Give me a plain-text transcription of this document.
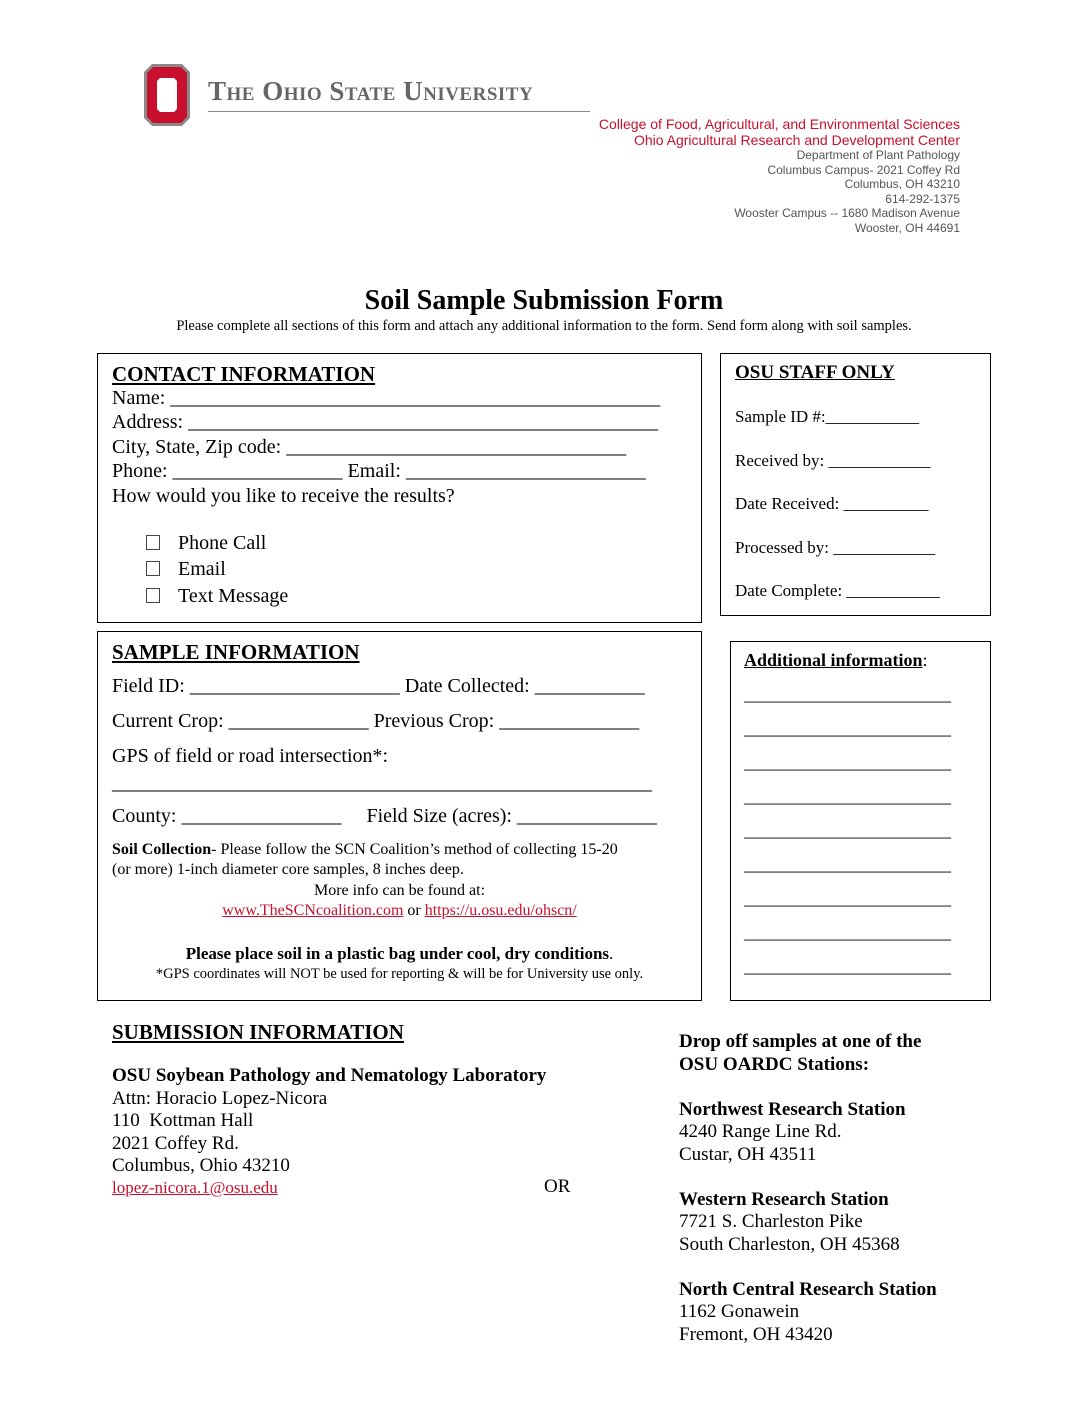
The Ohio State University
College of Food, Agricultural, and Environmental Sciences
Ohio Agricultural Research and Development Center
Department of Plant Pathology
Columbus Campus- 2021 Coffey Rd
Columbus, OH 43210
614-292-1375
Wooster Campus -- 1680 Madison Avenue
Wooster, OH 44691
Soil Sample Submission Form
Please complete all sections of this form and attach any additional information to the form. Send form along with soil samples.
CONTACT INFORMATION
Name: _________________________________________________
Address: _______________________________________________
City, State, Zip code: __________________________________
Phone: _________________ Email: ________________________
How would you like to receive the results?
Phone Call
Email
Text Message
OSU STAFF ONLY
Sample ID #:___________
Received by: ____________
Date Received: __________
Processed by: ____________
Date Complete: ___________
SAMPLE INFORMATION
Field ID: _____________________ Date Collected: ___________
Current Crop: ______________ Previous Crop: ______________
GPS of field or road intersection*:
______________________________________________________
County: ________________     Field Size (acres): ______________
Soil Collection- Please follow the SCN Coalition’s method of collecting 15-20
(or more) 1-inch diameter core samples, 8 inches deep.
More info can be found at:
www.TheSCNcoalition.com or https://u.osu.edu/ohscn/
Please place soil in a plastic bag under cool, dry conditions.
*GPS coordinates will NOT be used for reporting & will be for University use only.
Additional information:
_______________________
_______________________
_______________________
_______________________
_______________________
_______________________
_______________________
_______________________
_______________________
SUBMISSION INFORMATION
OSU Soybean Pathology and Nematology Laboratory
Attn: Horacio Lopez-Nicora
110  Kottman Hall
2021 Coffey Rd.
Columbus, Ohio 43210
lopez-nicora.1@osu.edu	OR
Drop off samples at one of the
OSU OARDC Stations:
Northwest Research Station
4240 Range Line Rd.
Custar, OH 43511
Western Research Station
7721 S. Charleston Pike
South Charleston, OH 45368
North Central Research Station
1162 Gonawein
Fremont, OH 43420
